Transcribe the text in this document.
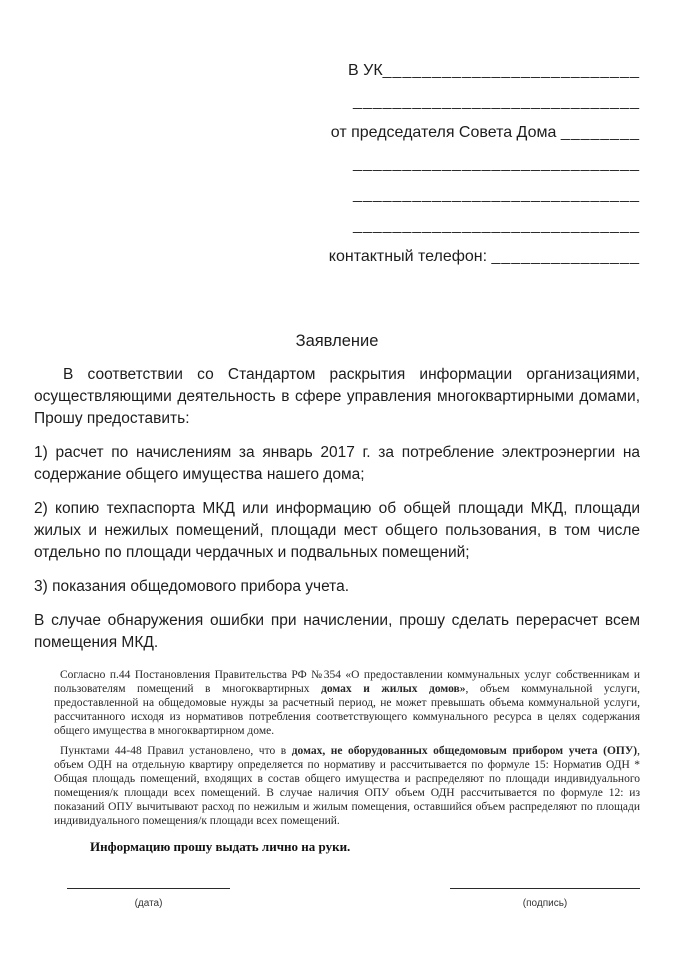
В УК__________________________
_____________________________
от председателя Совета Дома ________
_____________________________
_____________________________
_____________________________
контактный телефон: _______________
Заявление

В соответствии со Стандартом раскрытия информации организациями, осуществляющими деятельность в сфере управления многоквартирными домами, Прошу предоставить:

1) расчет по начислениям за январь 2017 г. за потребление электроэнергии на содержание общего имущества нашего дома;

2) копию техпаспорта МКД или информацию об общей площади МКД, площади жилых и нежилых помещений, площади мест общего пользования, в том числе отдельно по площади чердачных и подвальных помещений;

3) показания общедомового прибора учета.

В случае обнаружения ошибки при начислении, прошу сделать перерасчет всем помещения МКД.

Согласно п.44 Постановления Правительства РФ №354 «О предоставлении коммунальных услуг собственникам и пользователям помещений в многоквартирных домах и жилых домов», объем коммунальной услуги, предоставленной на общедомовые нужды за расчетный период, не может превышать объема коммунальной услуги, рассчитанного исходя из нормативов потребления соответствующего коммунального ресурса в целях содержания общего имущества в многоквартирном доме.

Пунктами 44-48 Правил установлено, что в домах, не оборудованных общедомовым прибором учета (ОПУ), объем ОДН на отдельную квартиру определяется по нормативу и рассчитывается по формуле 15: Норматив ОДН * Общая площадь помещений, входящих в состав общего имущества и распределяют по площади индивидуального помещения/к площади всех помещений. В случае наличия ОПУ объем ОДН рассчитывается по формуле 12: из показаний ОПУ вычитывают расход по нежилым и жилым помещения, оставшийся объем распределяют по площади индивидуального помещения/к площади всех помещений.

Информацию прошу выдать лично на руки.

(дата)	(подпись)
